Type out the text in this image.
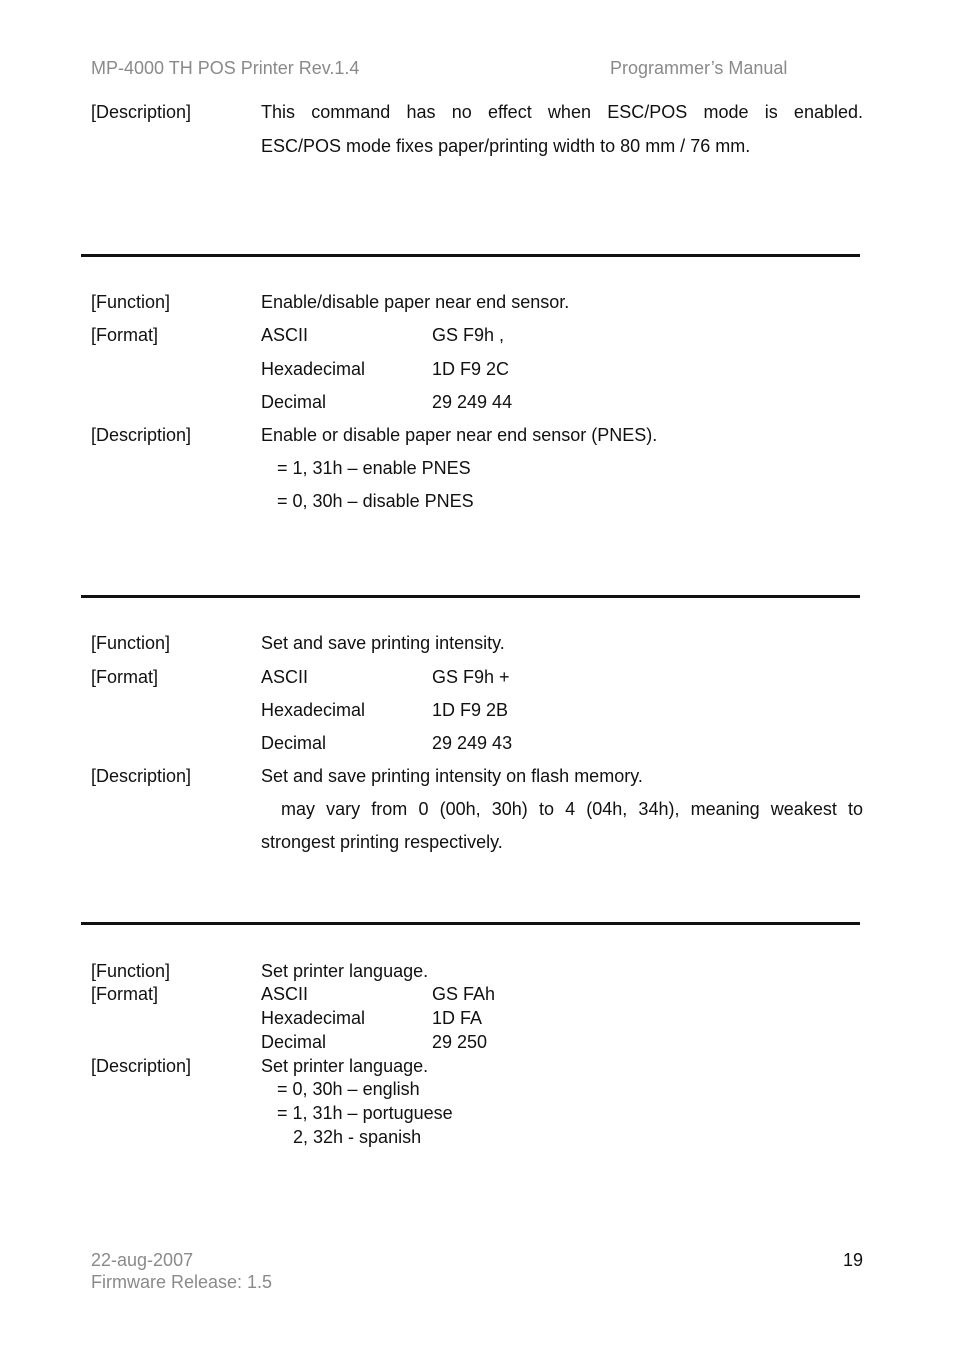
MP-4000 TH POS Printer Rev.1.4	Programmer’s Manual
[Description]	This command has no effect when ESC/POS mode is enabled.
ESC/POS mode fixes paper/printing width to 80 mm / 76 mm.
[Function]	Enable/disable paper near end sensor.
[Format]	ASCII	GS F9h ,
Hexadecimal	1D F9 2C
Decimal	29 249 44
[Description]	Enable or disable paper near end sensor (PNES).
= 1, 31h – enable PNES
= 0, 30h – disable PNES
[Function]	Set and save printing intensity.
[Format]	ASCII	GS F9h +
Hexadecimal	1D F9 2B
Decimal	29 249 43
[Description]	Set and save printing intensity on flash memory.
may vary from 0 (00h, 30h) to 4 (04h, 34h), meaning weakest to
strongest printing respectively.
[Function]	Set printer language.
[Format]	ASCII	GS FAh
Hexadecimal	1D FA
Decimal	29 250
[Description]	Set printer language.
= 0, 30h – english
= 1, 31h – portuguese
2, 32h - spanish
22-aug-2007
Firmware Release: 1.5
19
